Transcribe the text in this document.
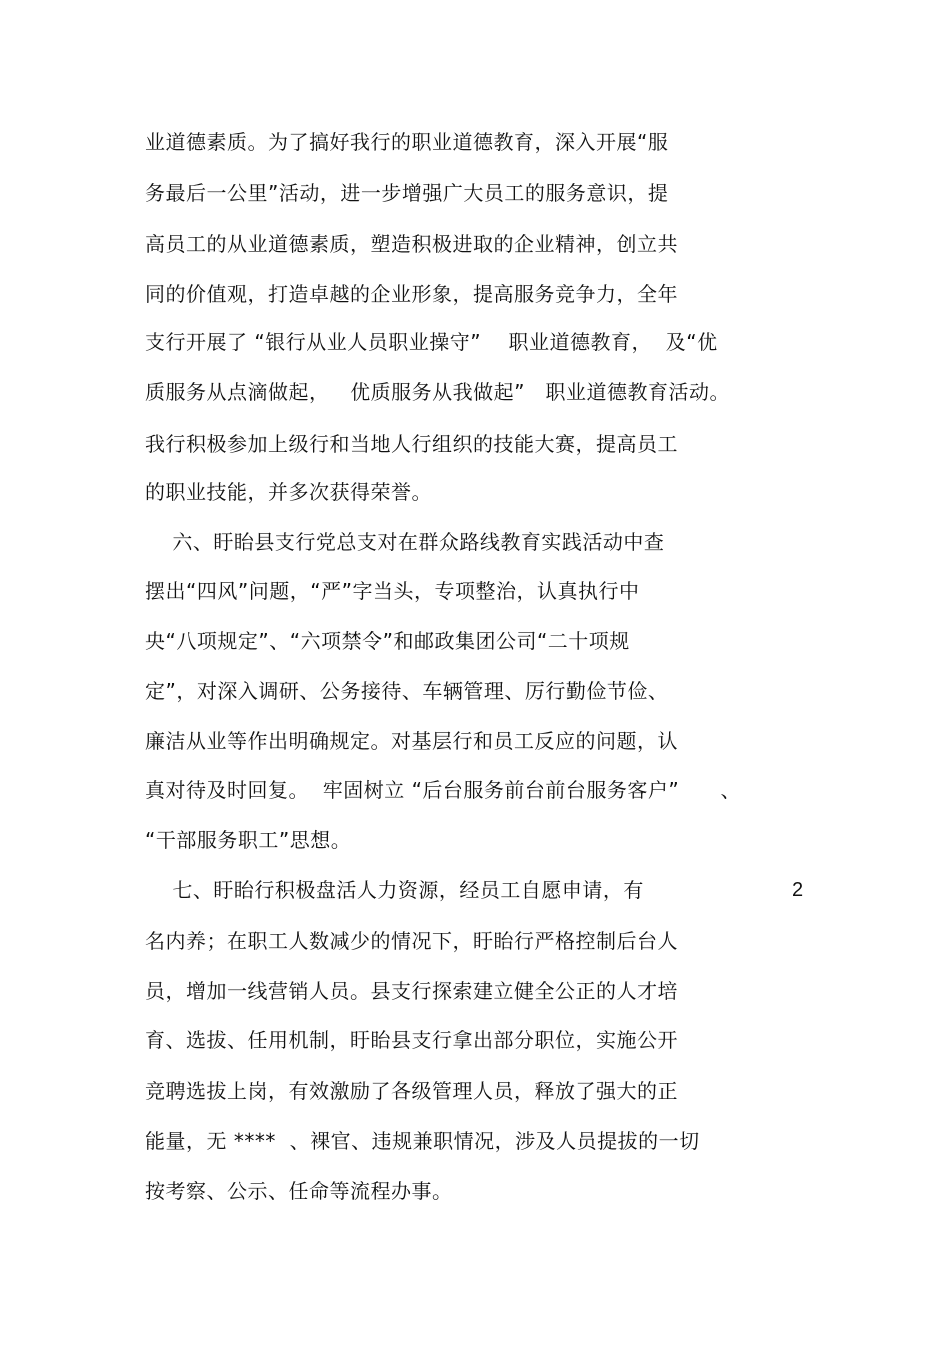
业道德素质。为了搞好我行的职业道德教育，深入开展“服
务最后一公里”活动，进一步增强广大员工的服务意识，提
高员工的从业道德素质，塑造积极进取的企业精神，创立共
同的价值观，打造卓越的企业形象，提高服务竞争力，全年
支行开展了 “银行从业人员职业操守”    职业道德教育，  及“优
质服务从点滴做起，   优质服务从我做起”   职业道德教育活动。
我行积极参加上级行和当地人行组织的技能大赛，提高员工
的职业技能，并多次获得荣誉。
六、盱眙县支行党总支对在群众路线教育实践活动中查
摆出“四风”问题，“严”字当头，专项整治，认真执行中
央“八项规定”、“六项禁令”和邮政集团公司“二十项规
定”，对深入调研、公务接待、车辆管理、厉行勤俭节俭、
廉洁从业等作出明确规定。对基层行和员工反应的问题，认
真对待及时回复。  牢固树立 “后台服务前台前台服务客户”      、
“干部服务职工”思想。
七、盱眙行积极盘活人力资源，经员工自愿申请，有
名内养；在职工人数减少的情况下，盱眙行严格控制后台人
员，增加一线营销人员。县支行探索建立健全公正的人才培
育、选拔、任用机制，盱眙县支行拿出部分职位，实施公开
竞聘选拔上岗，有效激励了各级管理人员，释放了强大的正
能量，无 ****  、裸官、违规兼职情况，涉及人员提拔的一切
按考察、公示、任命等流程办事。
2
